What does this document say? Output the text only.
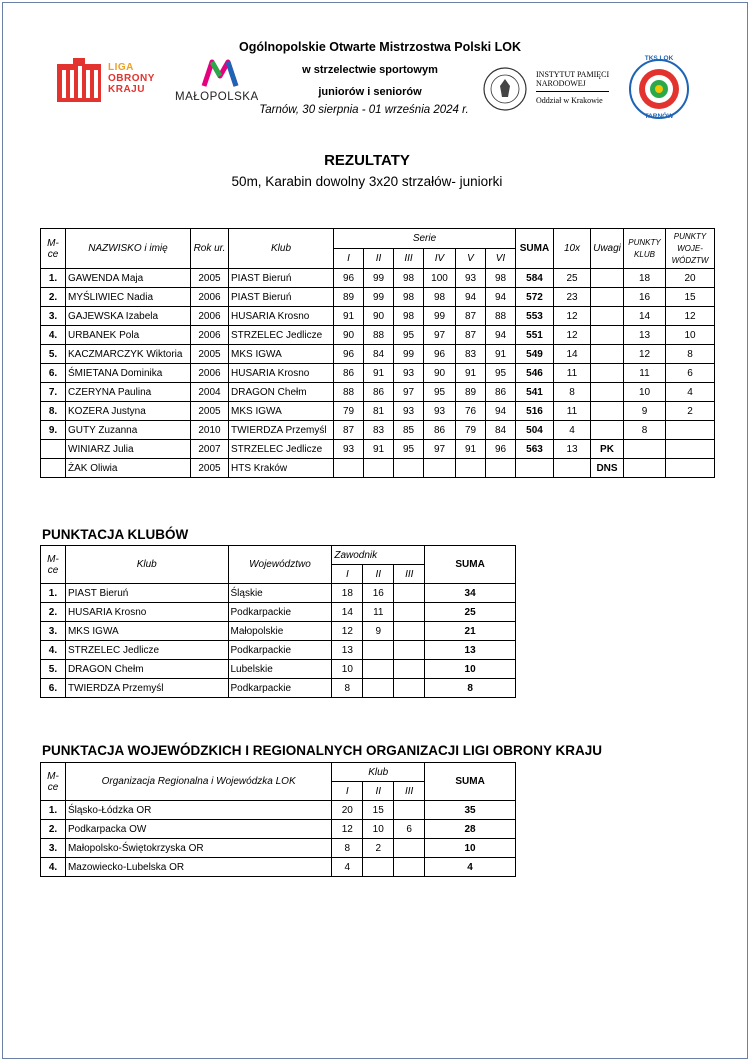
LIGA
OBRONY
KRAJU
MAŁOPOLSKA
INSTYTUT PAMIĘCI
NARODOWEJ
Oddział w Krakowie
TKS LOK
TARNÓW
Ogólnopolskie Otwarte Mistrzostwa Polski LOK
w strzelectwie sportowym
juniorów i seniorów
Tarnów, 30 sierpnia - 01 września 2024 r.
REZULTATY
50m, Karabin dowolny 3x20 strzałów- juniorki
M-ce	NAZWISKO i imię	Rok ur.	Klub	Serie						SUMA	10x	Uwagi	PUNKTY KLUB	PUNKTY WOJE-WÓDZTW
				I	II	III	IV	V	VI					
1.	GAWENDA Maja	2005	PIAST Bieruń	96	99	98	100	93	98	584	25		18	20
2.	MYŚLIWIEC Nadia	2006	PIAST Bieruń	89	99	98	98	94	94	572	23		16	15
3.	GAJEWSKA Izabela	2006	HUSARIA Krosno	91	90	98	99	87	88	553	12		14	12
4.	URBANEK Pola	2006	STRZELEC Jedlicze	90	88	95	97	87	94	551	12		13	10
5.	KACZMARCZYK Wiktoria	2005	MKS IGWA	96	84	99	96	83	91	549	14		12	8
6.	ŚMIETANA Dominika	2006	HUSARIA Krosno	86	91	93	90	91	95	546	11		11	6
7.	CZERYNA Paulina	2004	DRAGON Chełm	88	86	97	95	89	86	541	8		10	4
8.	KOZERA Justyna	2005	MKS IGWA	79	81	93	93	76	94	516	11		9	2
9.	GUTY Zuzanna	2010	TWIERDZA Przemyśl	87	83	85	86	79	84	504	4		8	
	WINIARZ Julia	2007	STRZELEC Jedlicze	93	91	95	97	91	96	563	13	PK		
	ŻAK Oliwia	2005	HTS Kraków									DNS		
PUNKTACJA KLUBÓW
M-ce	Klub	Województwo	Zawodnik			SUMA
			I	II	III	
1.	PIAST Bieruń	Śląskie	18	16		34
2.	HUSARIA Krosno	Podkarpackie	14	11		25
3.	MKS IGWA	Małopolskie	12	9		21
4.	STRZELEC Jedlicze	Podkarpackie	13			13
5.	DRAGON Chełm	Lubelskie	10			10
6.	TWIERDZA Przemyśl	Podkarpackie	8			8
PUNKTACJA WOJEWÓDZKICH I REGIONALNYCH ORGANIZACJI LIGI OBRONY KRAJU
M-ce	Organizacja Regionalna i Wojewódzka LOK	Klub			SUMA
		I	II	III	
1.	Śląsko-Łódzka OR	20	15		35
2.	Podkarpacka OW	12	10	6	28
3.	Małopolsko-Świętokrzyska OR	8	2		10
4.	Mazowiecko-Lubelska OR	4			4
